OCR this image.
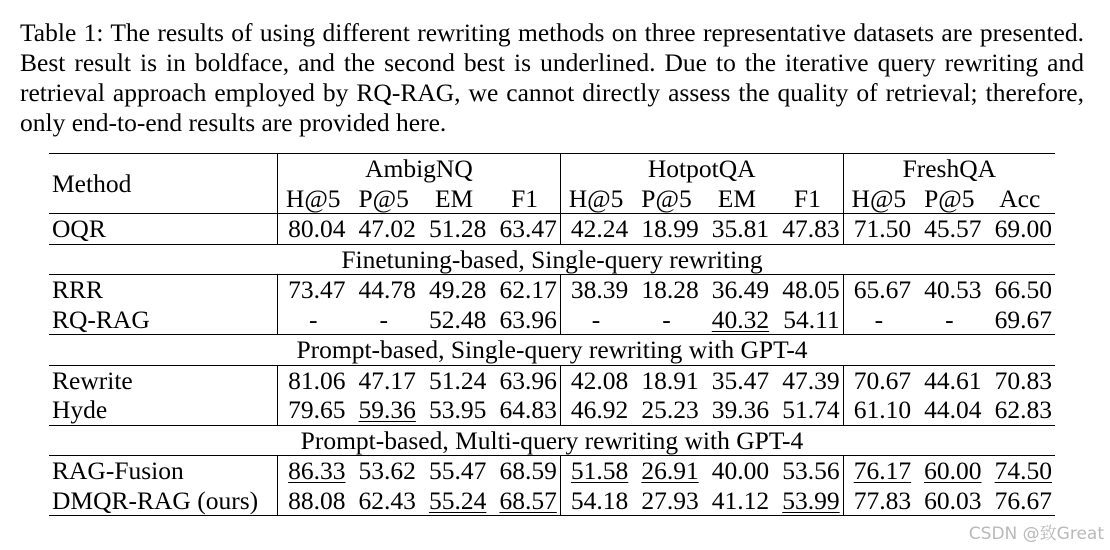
Table 1: The results of using different rewriting methods on three representative datasets are presented. Best result is in boldface, and the second best is underlined. Due to the iterative query rewriting and retrieval approach employed by RQ-RAG, we cannot directly assess the quality of retrieval; therefore, only end-to-end results are provided here.
Method	AmbigNQ				HotpotQA				FreshQA		
	H@5	P@5	EM	F1	H@5	P@5	EM	F1	H@5	P@5	Acc
OQR	80.04	47.02	51.28	63.47	42.24	18.99	35.81	47.83	71.50	45.57	69.00
Finetuning-based, Single-query rewriting											
RRR	73.47	44.78	49.28	62.17	38.39	18.28	36.49	48.05	65.67	40.53	66.50
RQ-RAG	-	-	52.48	63.96	-	-	40.32	54.11	-	-	69.67
Prompt-based, Single-query rewriting with GPT-4											
Rewrite	81.06	47.17	51.24	63.96	42.08	18.91	35.47	47.39	70.67	44.61	70.83
Hyde	79.65	59.36	53.95	64.83	46.92	25.23	39.36	51.74	61.10	44.04	62.83
Prompt-based, Multi-query rewriting with GPT-4											
RAG-Fusion	86.33	53.62	55.47	68.59	51.58	26.91	40.00	53.56	76.17	60.00	74.50
DMQR-RAG (ours)	88.08	62.43	55.24	68.57	54.18	27.93	41.12	53.99	77.83	60.03	76.67
CSDN @致Great
